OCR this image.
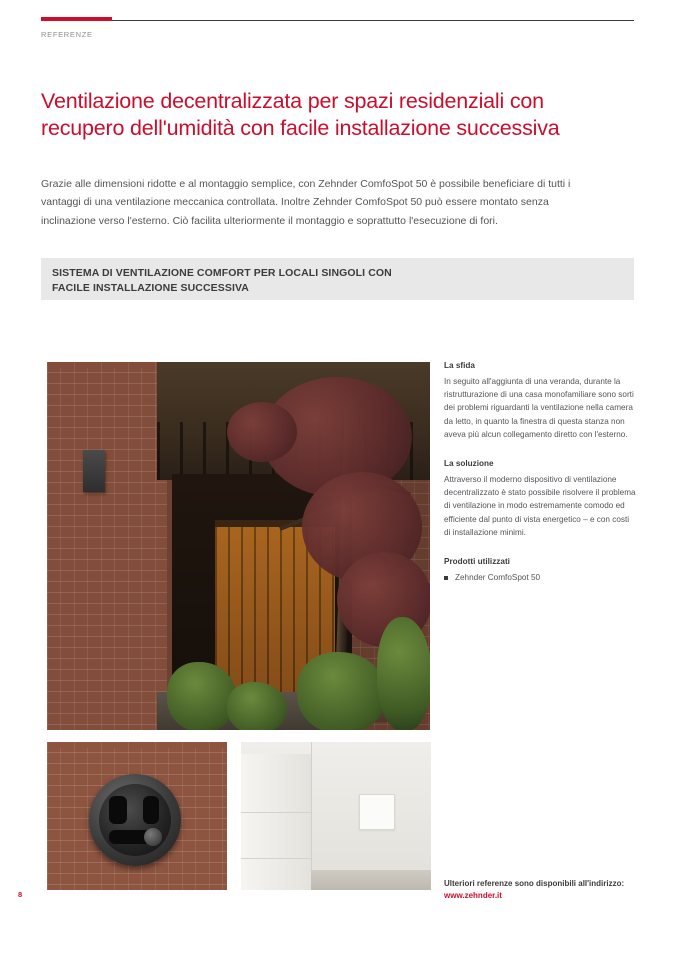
REFERENZE
Ventilazione decentralizzata per spazi residenziali con
recupero dell'umidità con facile installazione successiva

Grazie alle dimensioni ridotte e al montaggio semplice, con Zehnder ComfoSpot 50 è possibile beneficiare di tutti i vantaggi di una ventilazione meccanica controllata. Inoltre Zehnder ComfoSpot 50 può essere montato senza inclinazione verso l'esterno. Ciò facilita ulteriormente il montaggio e soprattutto l'esecuzione di fori.

SISTEMA DI VENTILAZIONE COMFORT PER LOCALI SINGOLI CON
FACILE INSTALLAZIONE SUCCESSIVA

La sfida

In seguito all'aggiunta di una veranda, durante la ristrutturazione di una casa monofamiliare sono sorti dei problemi riguardanti la ventilazione nella camera da letto, in quanto la finestra di questa stanza non aveva più alcun collegamento diretto con l'esterno.

La soluzione

Attraverso il moderno dispositivo di ventilazione decentralizzato è stato possibile risolvere il problema di ventilazione in modo estremamente comodo ed efficiente dal punto di vista energetico – e con costi di installazione minimi.

Prodotti utilizzati

Zehnder ComfoSpot 50
Ulteriori referenze sono disponibili all'indirizzo:
www.zehnder.it
8
